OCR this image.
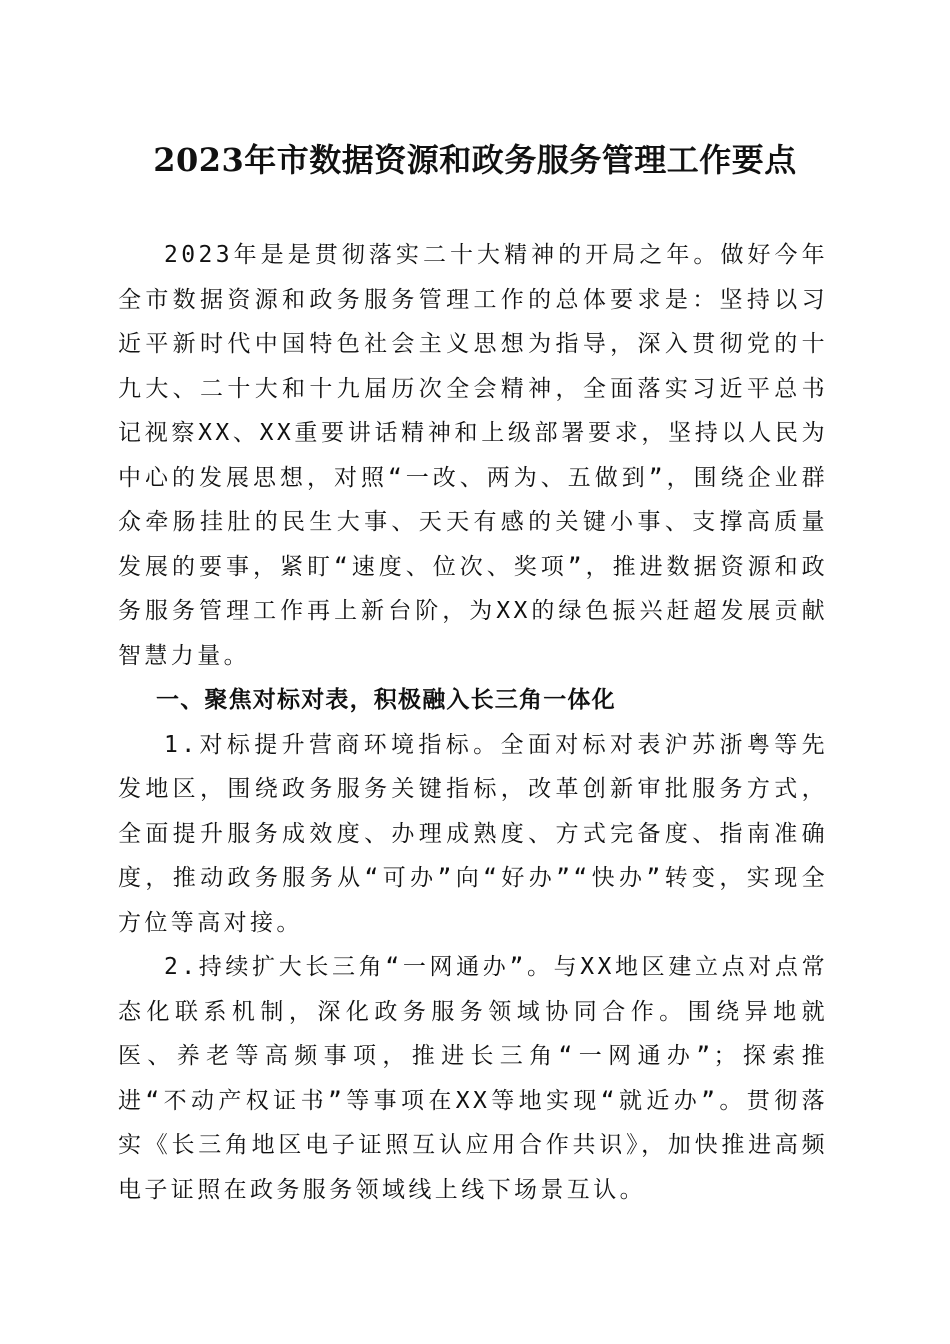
2023年市数据资源和政务服务管理工作要点

2023年是是贯彻落实二十大精神的开局之年。做好今年全市数据资源和政务服务管理工作的总体要求是：坚持以习近平新时代中国特色社会主义思想为指导，深入贯彻党的十九大、二十大和十九届历次全会精神，全面落实习近平总书记视察XX、XX重要讲话精神和上级部署要求，坚持以人民为中心的发展思想，对照“一改、两为、五做到”，围绕企业群众牵肠挂肚的民生大事、天天有感的关键小事、支撑高质量发展的要事，紧盯“速度、位次、奖项”，推进数据资源和政务服务管理工作再上新台阶，为XX的绿色振兴赶超发展贡献智慧力量。

一、聚焦对标对表，积极融入长三角一体化

1.对标提升营商环境指标。全面对标对表沪苏浙粤等先发地区，围绕政务服务关键指标，改革创新审批服务方式，全面提升服务成效度、办理成熟度、方式完备度、指南准确度，推动政务服务从“可办”向“好办”“快办”转变，实现全方位等高对接。

2.持续扩大长三角“一网通办”。与XX地区建立点对点常态化联系机制，深化政务服务领域协同合作。围绕异地就医、养老等高频事项，推进长三角“一网通办”；探索推进“不动产权证书”等事项在XX等地实现“就近办”。贯彻落实《长三角地区电子证照互认应用合作共识》，加快推进高频电子证照在政务服务领域线上线下场景互认。
